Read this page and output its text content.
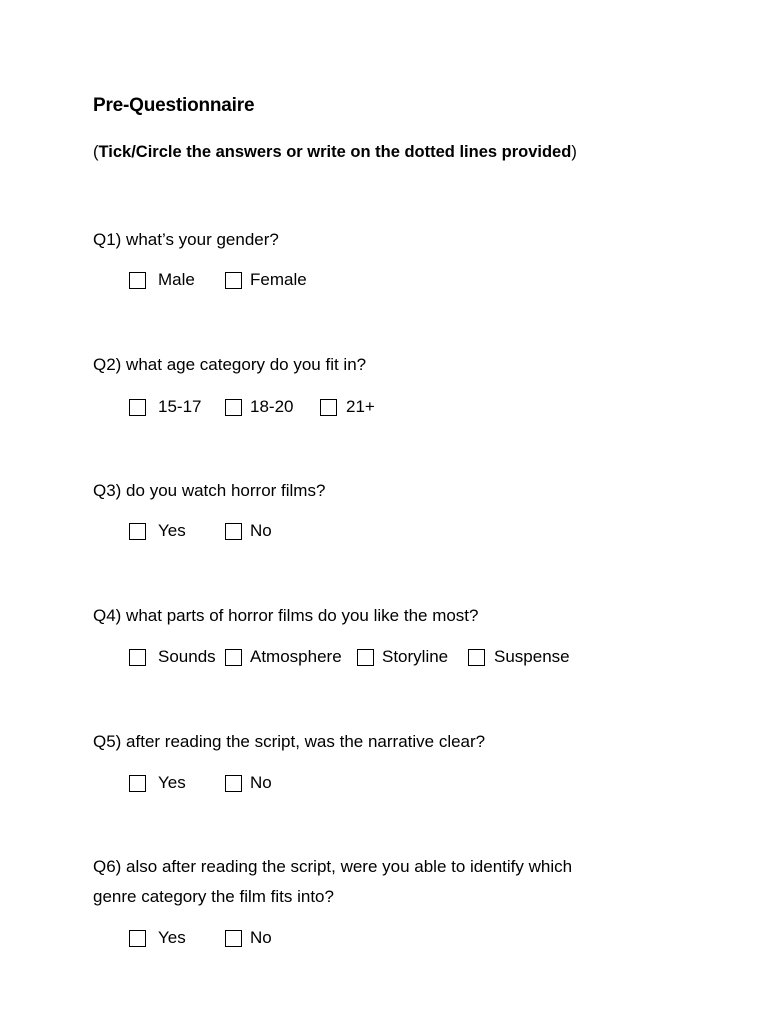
Pre-Questionnaire
(Tick/Circle the answers or write on the dotted lines provided)
Q1) what’s your gender?
Male	Female
Q2) what age category do you fit in?
15-17	18-20	21+
Q3) do you watch horror films?
Yes	No
Q4) what parts of horror films do you like the most?
Sounds Atmosphere Storyline	Suspense
Q5) after reading the script, was the narrative clear?
Yes	No
Q6) also after reading the script, were you able to identify which
genre category the film fits into?
Yes	No
